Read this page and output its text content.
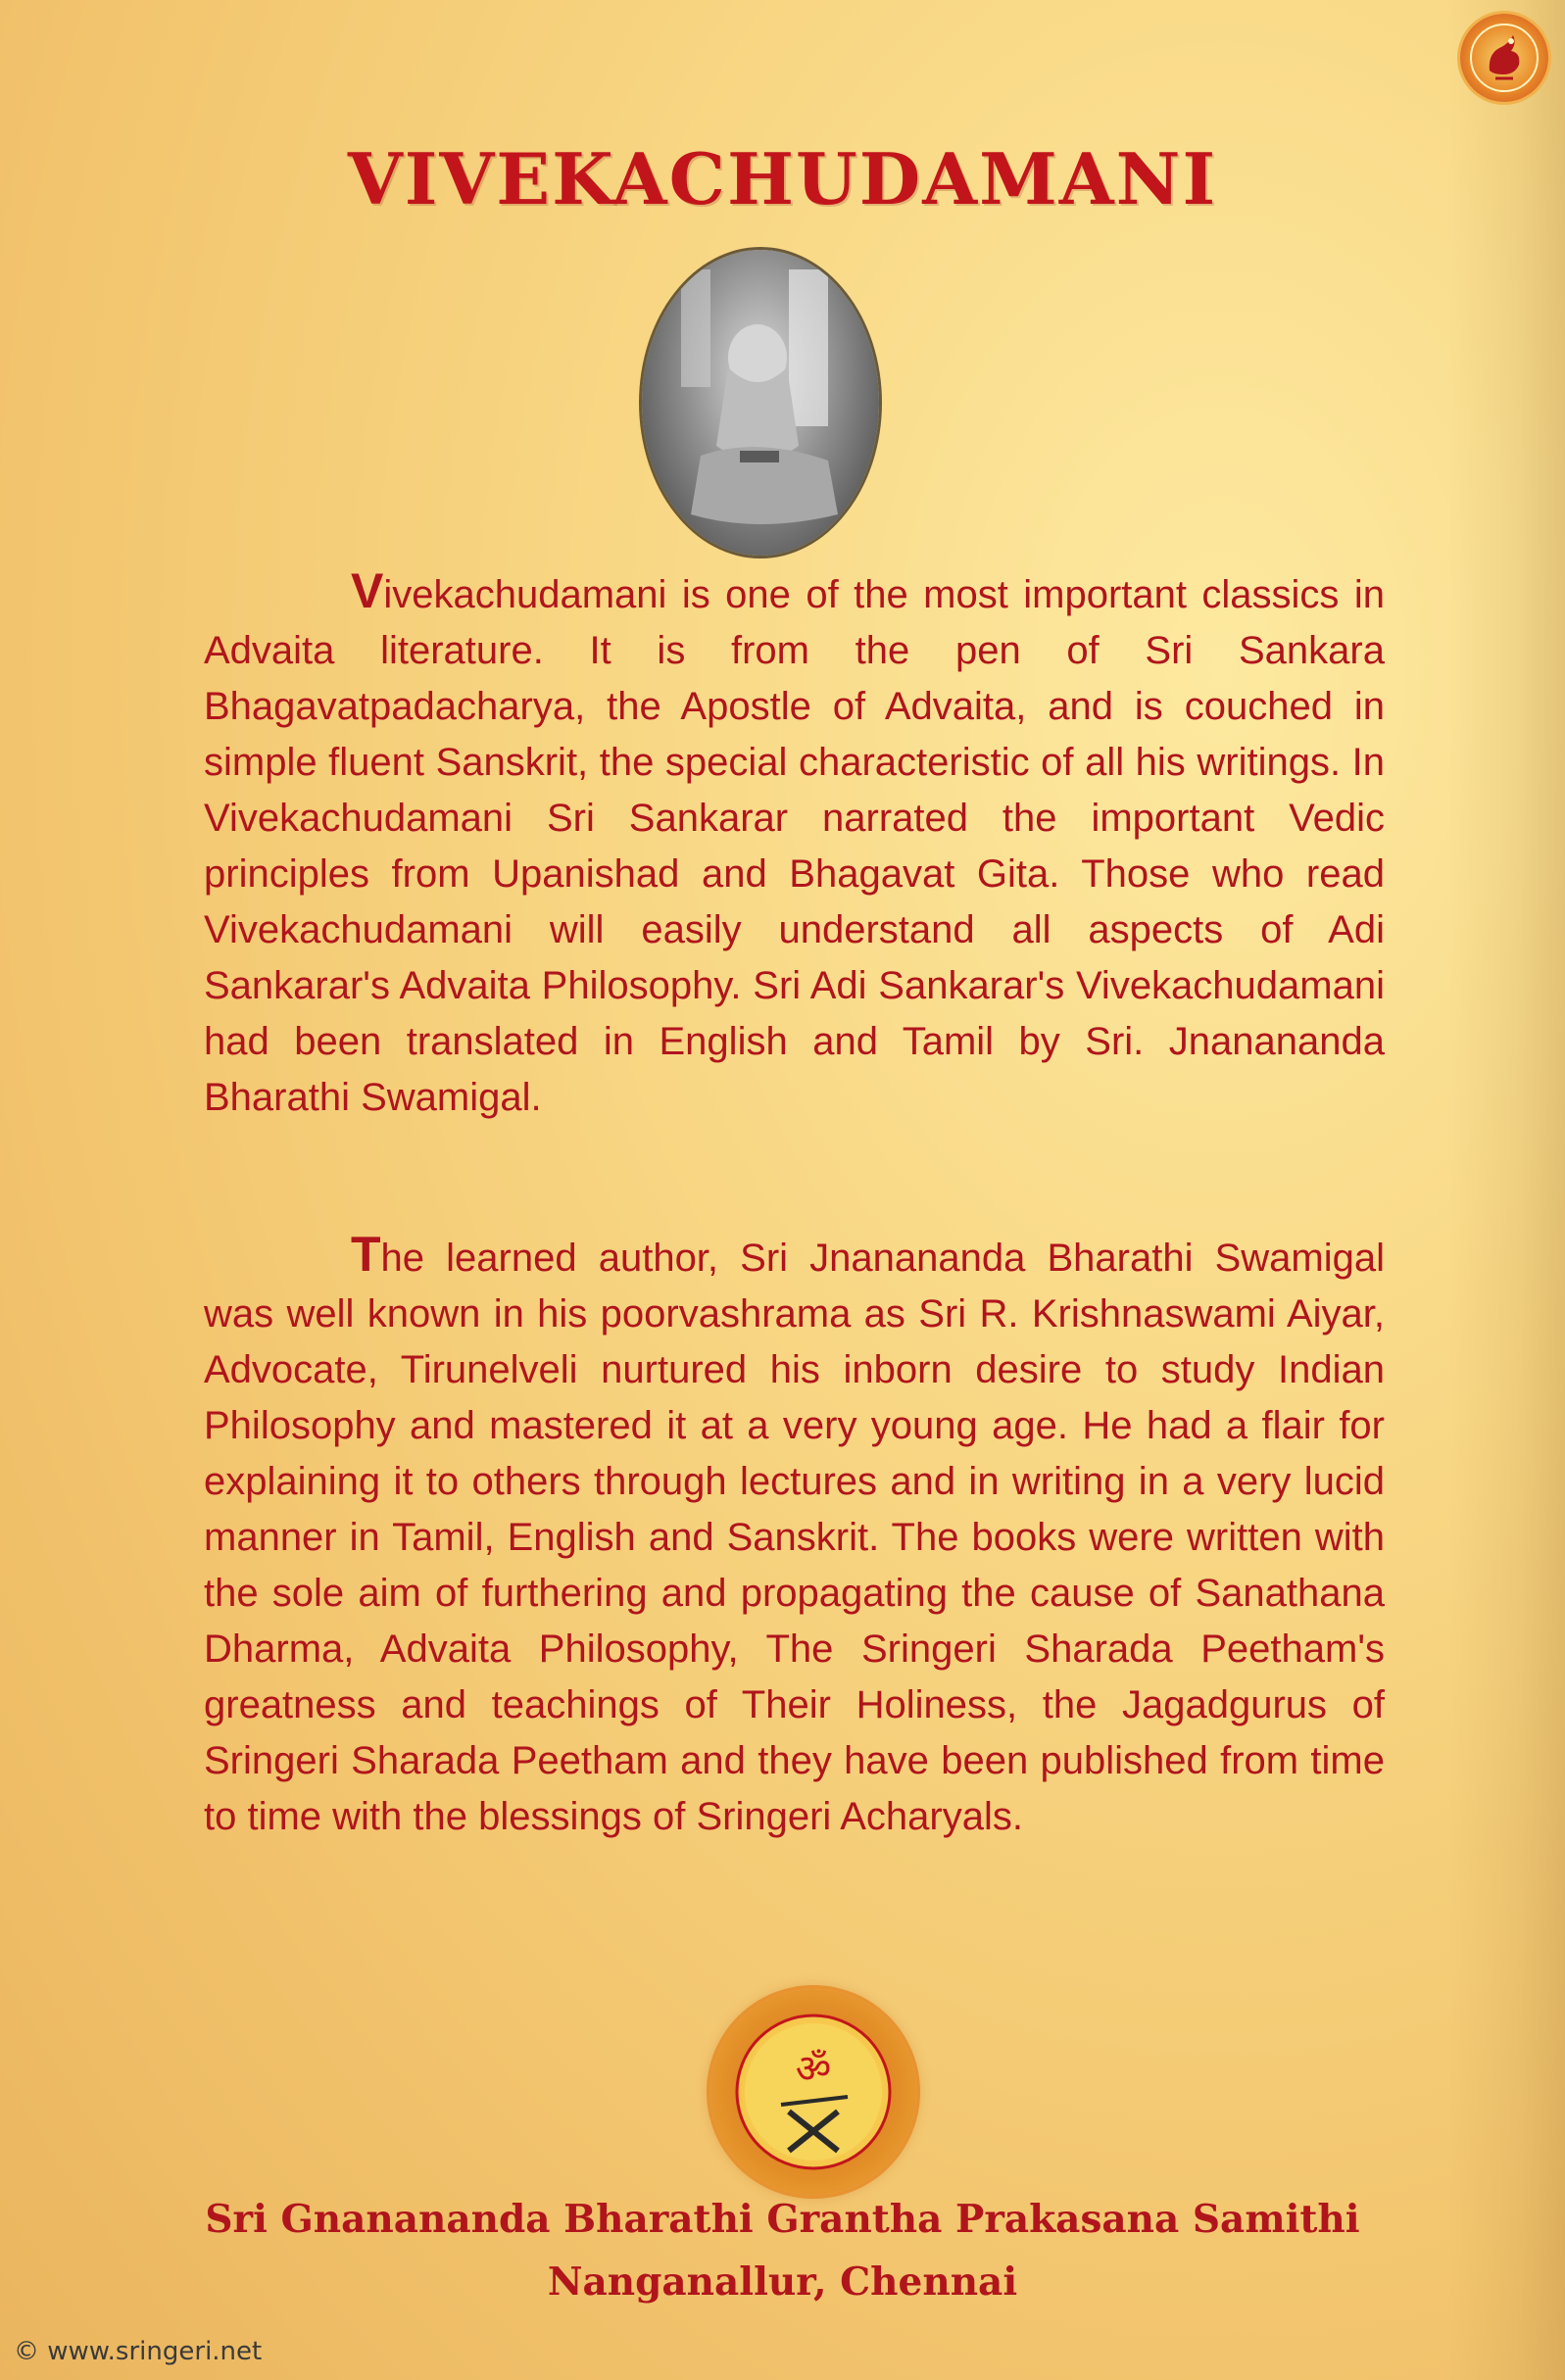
VIVEKACHUDAMANI

Vivekachudamani is one of the most important classics in Advaita literature. It is from the pen of Sri Sankara Bhagavatpadacharya, the Apostle of Advaita, and is couched in simple fluent Sanskrit, the special characteristic of all his writings. In Vivekachudamani Sri Sankarar narrated the important Vedic principles from Upanishad and Bhagavat Gita. Those who read Vivekachudamani will easily understand all aspects of Adi Sankarar's Advaita Philosophy. Sri Adi Sankarar's Vivekachudamani had been translated in English and Tamil by Sri. Jnanananda Bharathi Swamigal.

The learned author, Sri Jnanananda Bharathi Swamigal was well known in his poorvashrama as Sri R. Krishnaswami Aiyar, Advocate, Tirunelveli nurtured his inborn desire to study Indian Philosophy and mastered it at a very young age. He had a flair for explaining it to others through lectures and in writing in a very lucid manner in Tamil, English and Sanskrit. The books were written with the sole aim of furthering and propagating the cause of Sanathana Dharma, Advaita Philosophy, The Sringeri Sharada Peetham's greatness and teachings of Their Holiness, the Jagadgurus of Sringeri Sharada Peetham and they have been published from time to time with the blessings of Sringeri Acharyals.

ॐ
Sri Gnanananda Bharathi Grantha Prakasana Samithi
Nanganallur, Chennai
© www.sringeri.net
